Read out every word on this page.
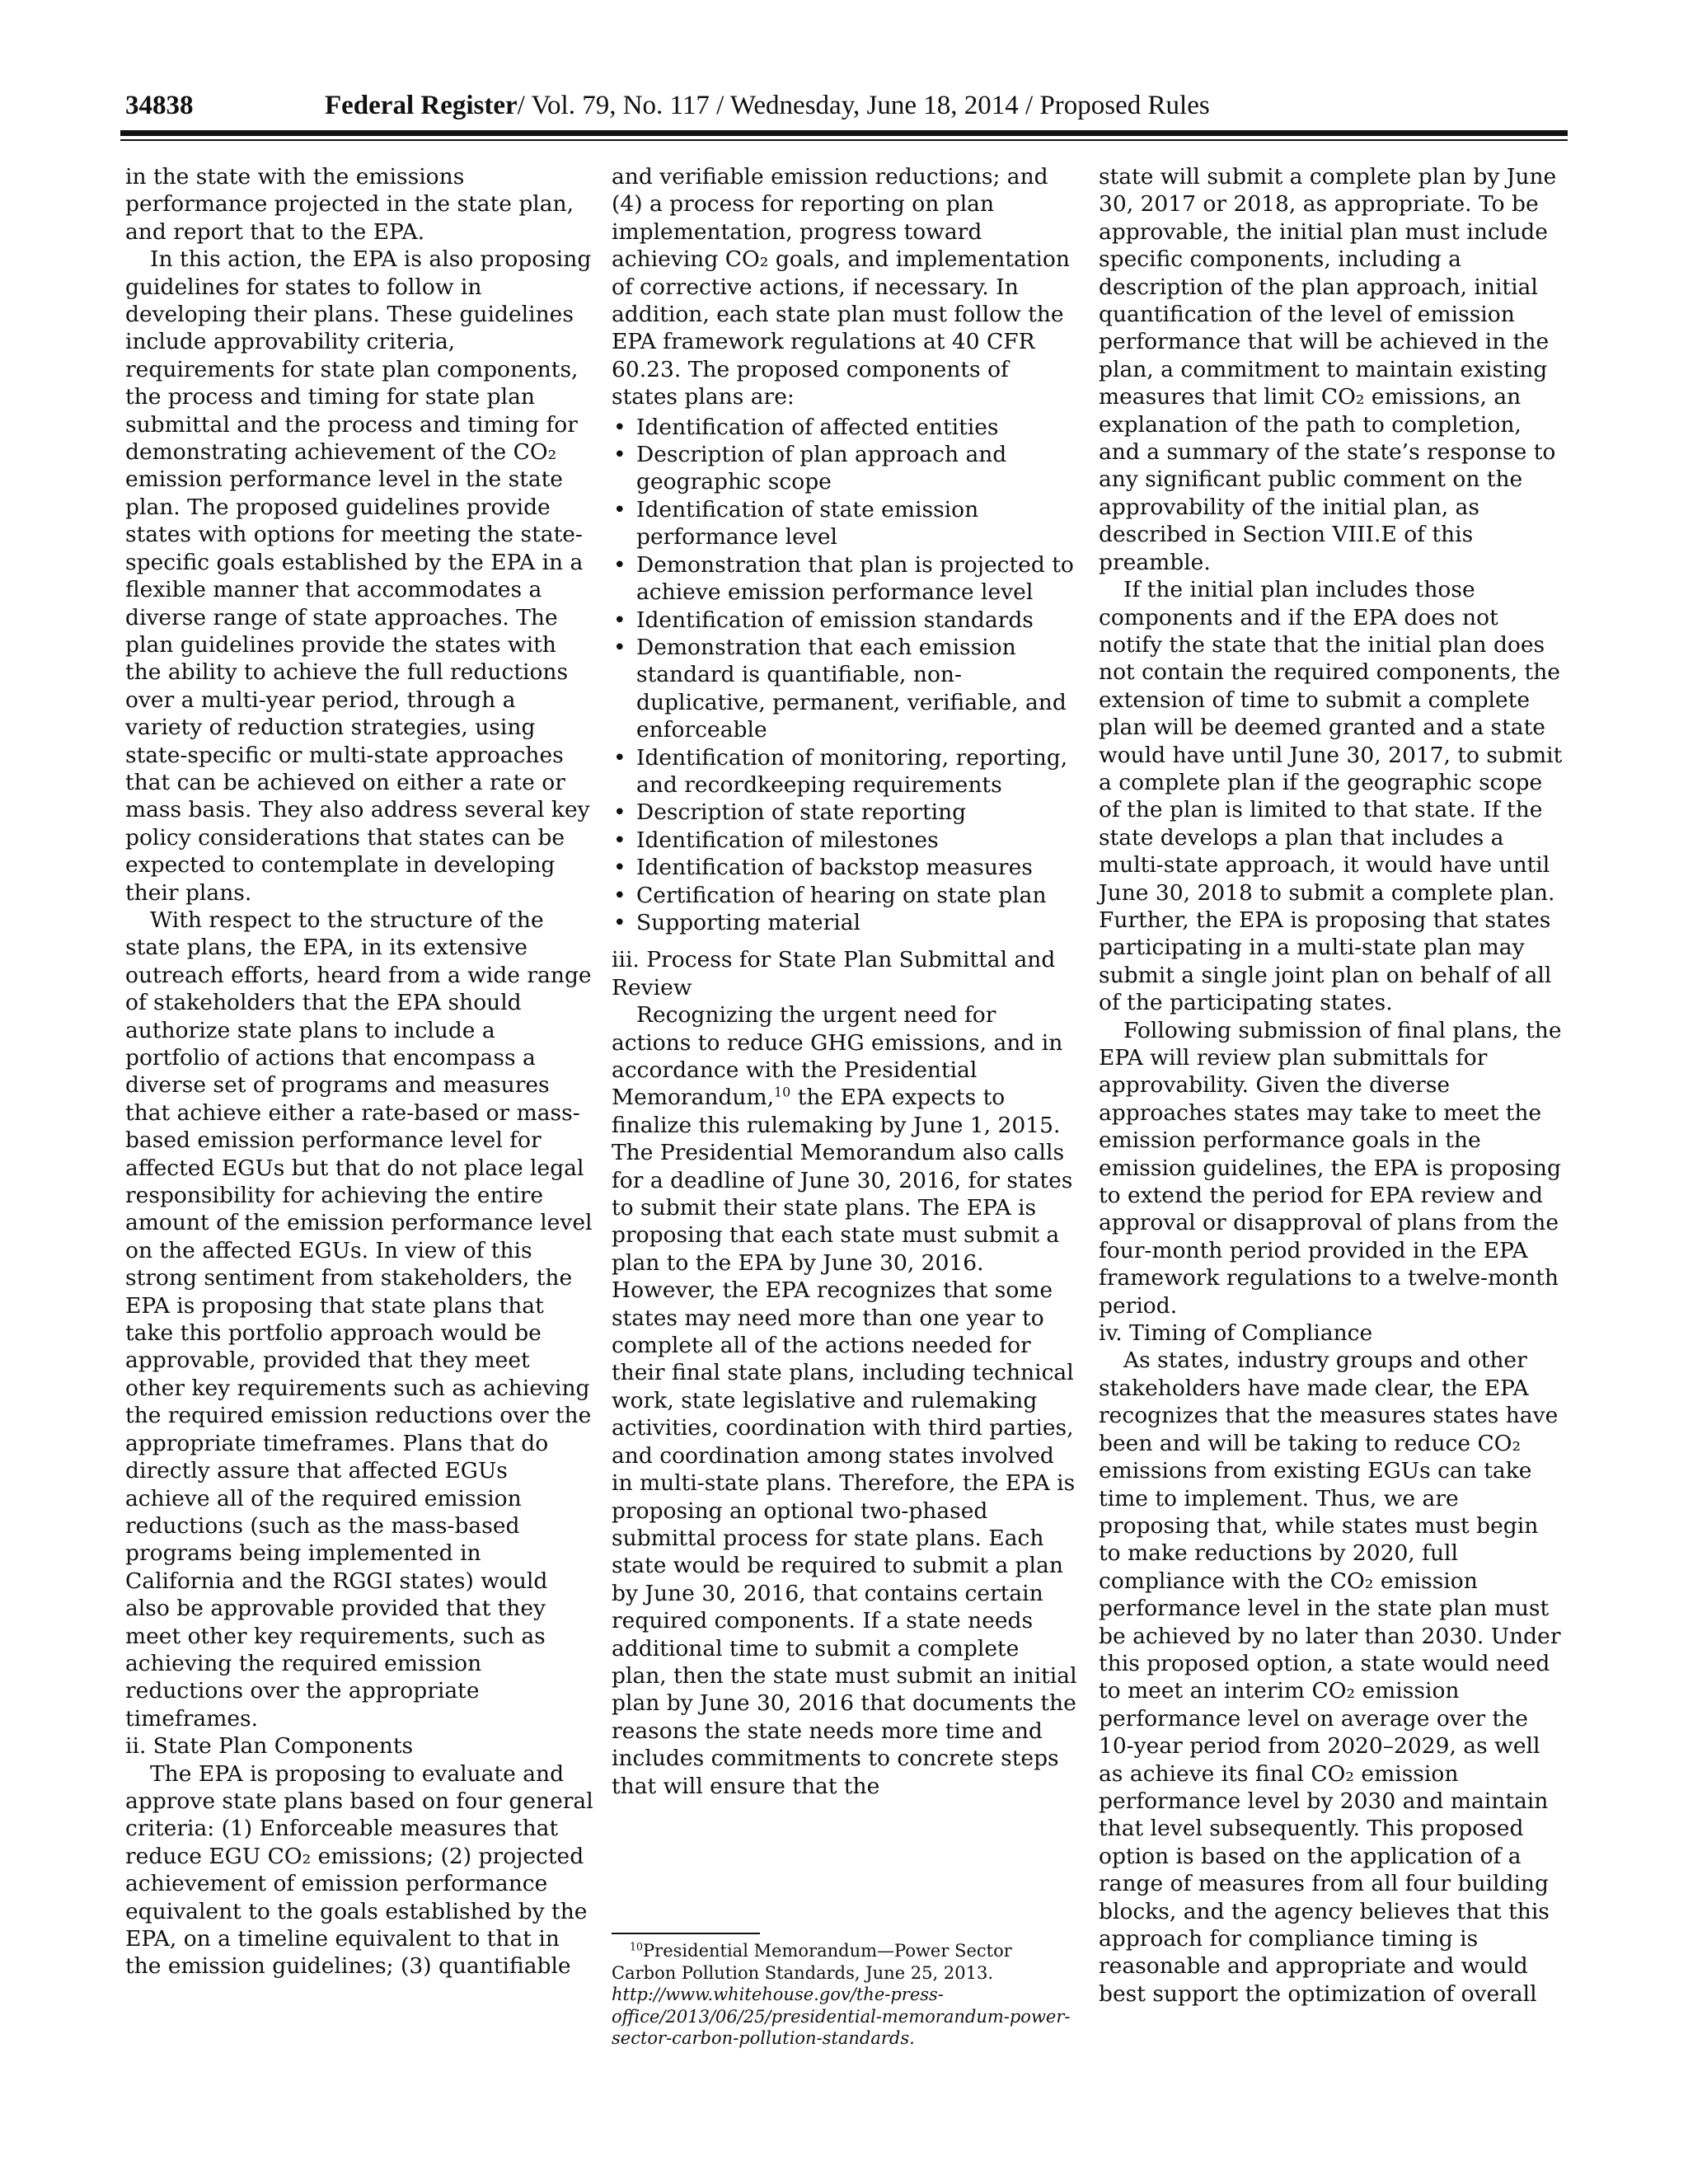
34838	Federal Register/ Vol. 79, No. 117 / Wednesday, June 18, 2014 / Proposed Rules

in the state with the emissions performance projected in the state plan, and report that to the EPA.

In this action, the EPA is also proposing guidelines for states to follow in developing their plans. These guidelines include approvability criteria, requirements for state plan components, the process and timing for state plan submittal and the process and timing for demonstrating achievement of the CO₂ emission performance level in the state plan. The proposed guidelines provide states with options for meeting the state-specific goals established by the EPA in a flexible manner that accommodates a diverse range of state approaches. The plan guidelines provide the states with the ability to achieve the full reductions over a multi-year period, through a variety of reduction strategies, using state-specific or multi-state approaches that can be achieved on either a rate or mass basis. They also address several key policy considerations that states can be expected to contemplate in developing their plans.

With respect to the structure of the state plans, the EPA, in its extensive outreach efforts, heard from a wide range of stakeholders that the EPA should authorize state plans to include a portfolio of actions that encompass a diverse set of programs and measures that achieve either a rate-based or mass-based emission performance level for affected EGUs but that do not place legal responsibility for achieving the entire amount of the emission performance level on the affected EGUs. In view of this strong sentiment from stakeholders, the EPA is proposing that state plans that take this portfolio approach would be approvable, provided that they meet other key requirements such as achieving the required emission reductions over the appropriate timeframes. Plans that do directly assure that affected EGUs achieve all of the required emission reductions (such as the mass-based programs being implemented in California and the RGGI states) would also be approvable provided that they meet other key requirements, such as achieving the required emission reductions over the appropriate timeframes.

ii. State Plan Components

The EPA is proposing to evaluate and approve state plans based on four general criteria: (1) Enforceable measures that reduce EGU CO₂ emissions; (2) projected achievement of emission performance equivalent to the goals established by the EPA, on a timeline equivalent to that in the emission guidelines; (3) quantifiable

and verifiable emission reductions; and (4) a process for reporting on plan implementation, progress toward achieving CO₂ goals, and implementation of corrective actions, if necessary. In addition, each state plan must follow the EPA framework regulations at 40 CFR 60.23. The proposed components of states plans are:

• Identification of affected entities
• Description of plan approach and geographic scope
• Identification of state emission performance level
• Demonstration that plan is projected to achieve emission performance level
• Identification of emission standards
• Demonstration that each emission standard is quantifiable, non-duplicative, permanent, verifiable, and enforceable
• Identification of monitoring, reporting, and recordkeeping requirements
• Description of state reporting
• Identification of milestones
• Identification of backstop measures
• Certification of hearing on state plan
• Supporting material

iii. Process for State Plan Submittal and Review

Recognizing the urgent need for actions to reduce GHG emissions, and in accordance with the Presidential Memorandum,$^{10}$ the EPA expects to finalize this rulemaking by June 1, 2015. The Presidential Memorandum also calls for a deadline of June 30, 2016, for states to submit their state plans. The EPA is proposing that each state must submit a plan to the EPA by June 30, 2016. However, the EPA recognizes that some states may need more than one year to complete all of the actions needed for their final state plans, including technical work, state legislative and rulemaking activities, coordination with third parties, and coordination among states involved in multi-state plans. Therefore, the EPA is proposing an optional two-phased submittal process for state plans. Each state would be required to submit a plan by June 30, 2016, that contains certain required components. If a state needs additional time to submit a complete plan, then the state must submit an initial plan by June 30, 2016 that documents the reasons the state needs more time and includes commitments to concrete steps that will ensure that the

$^{10}$Presidential Memorandum—Power Sector Carbon Pollution Standards, June 25, 2013. http://www.whitehouse.gov/the-press-office/2013/06/25/presidential-memorandum-power-sector-carbon-pollution-standards.

state will submit a complete plan by June 30, 2017 or 2018, as appropriate. To be approvable, the initial plan must include specific components, including a description of the plan approach, initial quantification of the level of emission performance that will be achieved in the plan, a commitment to maintain existing measures that limit CO₂ emissions, an explanation of the path to completion, and a summary of the state’s response to any significant public comment on the approvability of the initial plan, as described in Section VIII.E of this preamble.

If the initial plan includes those components and if the EPA does not notify the state that the initial plan does not contain the required components, the extension of time to submit a complete plan will be deemed granted and a state would have until June 30, 2017, to submit a complete plan if the geographic scope of the plan is limited to that state. If the state develops a plan that includes a multi-state approach, it would have until June 30, 2018 to submit a complete plan. Further, the EPA is proposing that states participating in a multi-state plan may submit a single joint plan on behalf of all of the participating states.

Following submission of final plans, the EPA will review plan submittals for approvability. Given the diverse approaches states may take to meet the emission performance goals in the emission guidelines, the EPA is proposing to extend the period for EPA review and approval or disapproval of plans from the four-month period provided in the EPA framework regulations to a twelve-month period.

iv. Timing of Compliance

As states, industry groups and other stakeholders have made clear, the EPA recognizes that the measures states have been and will be taking to reduce CO₂ emissions from existing EGUs can take time to implement. Thus, we are proposing that, while states must begin to make reductions by 2020, full compliance with the CO₂ emission performance level in the state plan must be achieved by no later than 2030. Under this proposed option, a state would need to meet an interim CO₂ emission performance level on average over the 10-year period from 2020–2029, as well as achieve its final CO₂ emission performance level by 2030 and maintain that level subsequently. This proposed option is based on the application of a range of measures from all four building blocks, and the agency believes that this approach for compliance timing is reasonable and appropriate and would best support the optimization of overall
